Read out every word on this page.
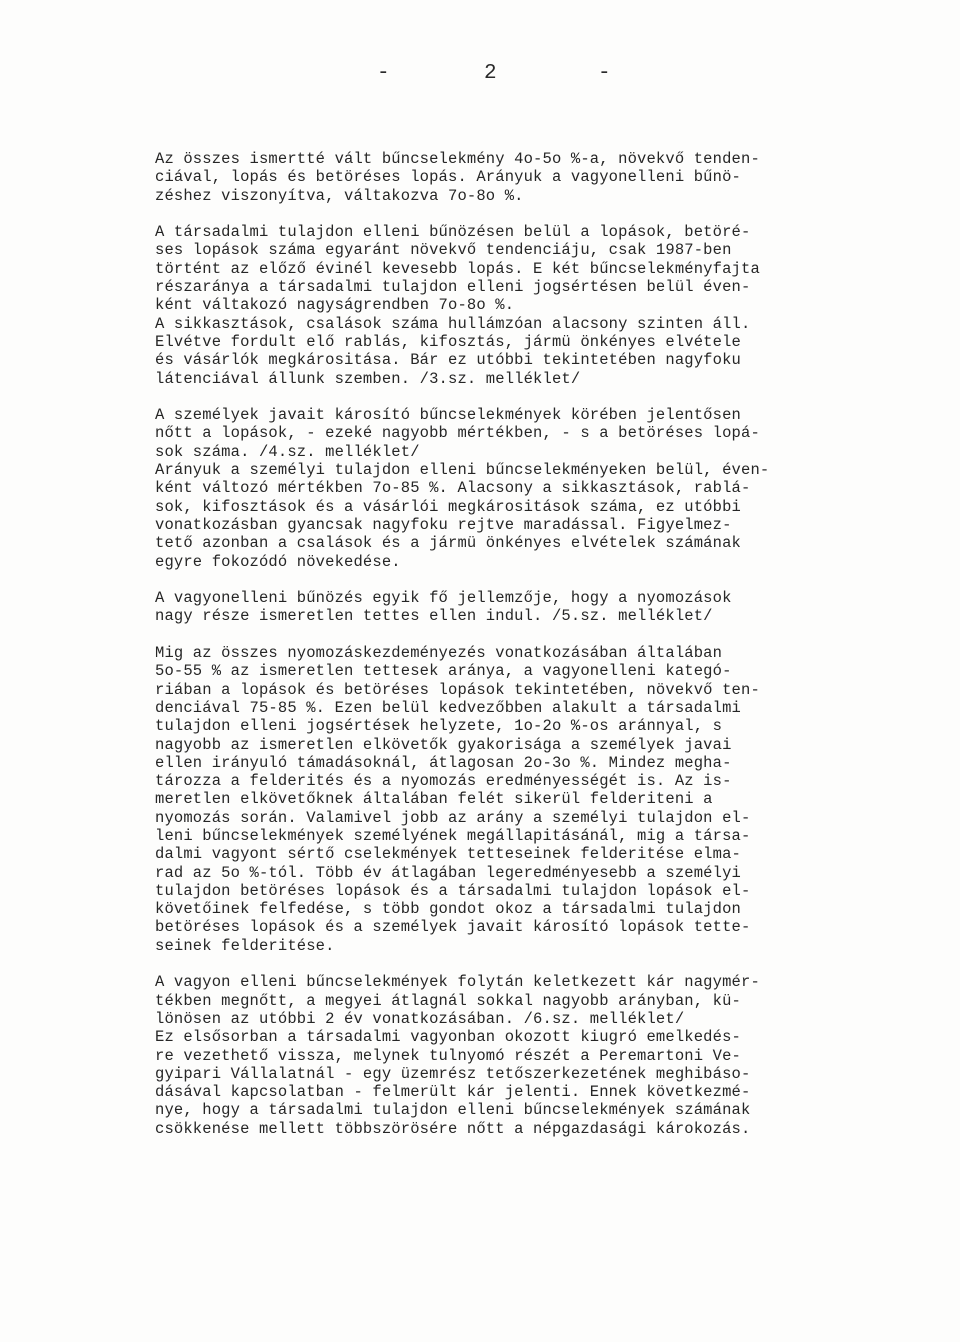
-	2	-
Az összes ismertté vált bűncselekmény 4o-5o %-a, növekvő tenden-
ciával, lopás és betöréses lopás. Arányuk a vagyonelleni bűnö-
zéshez viszonyítva, váltakozva 7o-8o %.
A társadalmi tulajdon elleni bűnözésen belül a lopások, betöré-
ses lopások száma egyaránt növekvő tendenciáju, csak 1987-ben
történt az előző évinél kevesebb lopás. E két bűncselekményfajta
részaránya a társadalmi tulajdon elleni jogsértésen belül éven-
ként váltakozó nagyságrendben 7o-8o %.
A sikkasztások, csalások száma hullámzóan alacsony szinten áll.
Elvétve fordult elő rablás, kifosztás, jármü önkényes elvétele
és vásárlók megkárositása. Bár ez utóbbi tekintetében nagyfoku
látenciával állunk szemben. /3.sz. melléklet/
A személyek javait károsító bűncselekmények körében jelentősen
nőtt a lopások, - ezeké nagyobb mértékben, - s a betöréses lopá-
sok száma. /4.sz. melléklet/
Arányuk a személyi tulajdon elleni bűncselekményeken belül, éven-
ként változó mértékben 7o-85 %. Alacsony a sikkasztások, rablá-
sok, kifosztások és a vásárlói megkárositások száma, ez utóbbi
vonatkozásban gyancsak nagyfoku rejtve maradással. Figyelmez-
tető azonban a csalások és a jármü önkényes elvételek számának
egyre fokozódó növekedése.
A vagyonelleni bűnözés egyik fő jellemzője, hogy a nyomozások
nagy része ismeretlen tettes ellen indul. /5.sz. melléklet/
Mig az összes nyomozáskezdeményezés vonatkozásában általában
5o-55 % az ismeretlen tettesek aránya, a vagyonelleni kategó-
riában a lopások és betöréses lopások tekintetében, növekvő ten-
denciával 75-85 %. Ezen belül kedvezőbben alakult a társadalmi
tulajdon elleni jogsértések helyzete, 1o-2o %-os aránnyal, s
nagyobb az ismeretlen elkövetők gyakorisága a személyek javai
ellen irányuló támadásoknál, átlagosan 2o-3o %. Mindez megha-
tározza a felderités és a nyomozás eredményességét is. Az is-
meretlen elkövetőknek általában felét sikerül felderiteni a
nyomozás során. Valamivel jobb az arány a személyi tulajdon el-
leni bűncselekmények személyének megállapitásánál, mig a társa-
dalmi vagyont sértő cselekmények tetteseinek felderitése elma-
rad az 5o %-tól. Több év átlagában legeredményesebb a személyi
tulajdon betöréses lopások és a társadalmi tulajdon lopások el-
követőinek felfedése, s több gondot okoz a társadalmi tulajdon
betöréses lopások és a személyek javait károsító lopások tette-
seinek felderitése.
A vagyon elleni bűncselekmények folytán keletkezett kár nagymér-
tékben megnőtt, a megyei átlagnál sokkal nagyobb arányban, kü-
lönösen az utóbbi 2 év vonatkozásában. /6.sz. melléklet/
Ez elsősorban a társadalmi vagyonban okozott kiugró emelkedés-
re vezethető vissza, melynek tulnyomó részét a Peremartoni Ve-
gyipari Vállalatnál - egy üzemrész tetőszerkezetének meghibáso-
dásával kapcsolatban - felmerült kár jelenti. Ennek következmé-
nye, hogy a társadalmi tulajdon elleni bűncselekmények számának
csökkenése mellett többszörösére nőtt a népgazdasági károkozás.
